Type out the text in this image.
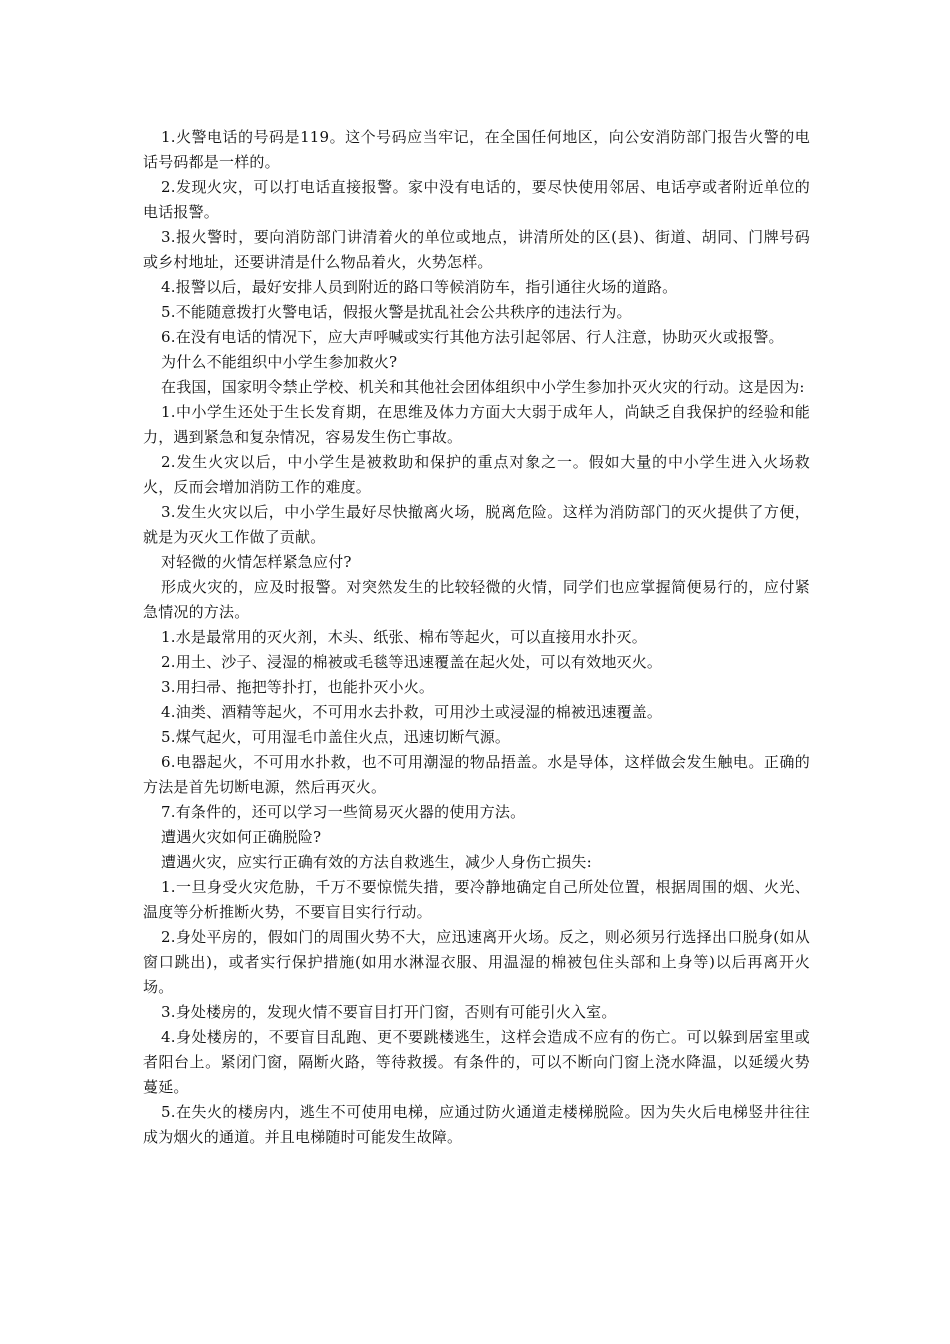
1.火警电话的号码是119。这个号码应当牢记，在全国任何地区，向公安消防部门报告火警的电话号码都是一样的。

2.发现火灾，可以打电话直接报警。家中没有电话的，要尽快使用邻居、电话亭或者附近单位的电话报警。

3.报火警时，要向消防部门讲清着火的单位或地点，讲清所处的区(县)、街道、胡同、门牌号码或乡村地址，还要讲清是什么物品着火，火势怎样。

4.报警以后，最好安排人员到附近的路口等候消防车，指引通往火场的道路。

5.不能随意拨打火警电话，假报火警是扰乱社会公共秩序的违法行为。

6.在没有电话的情况下，应大声呼喊或实行其他方法引起邻居、行人注意，协助灭火或报警。

为什么不能组织中小学生参加救火?

在我国，国家明令禁止学校、机关和其他社会团体组织中小学生参加扑灭火灾的行动。这是因为:

1.中小学生还处于生长发育期，在思维及体力方面大大弱于成年人，尚缺乏自我保护的经验和能力，遇到紧急和复杂情况，容易发生伤亡事故。

2.发生火灾以后，中小学生是被救助和保护的重点对象之一。假如大量的中小学生进入火场救火，反而会增加消防工作的难度。

3.发生火灾以后，中小学生最好尽快撤离火场，脱离危险。这样为消防部门的灭火提供了方便，就是为灭火工作做了贡献。

对轻微的火情怎样紧急应付?

形成火灾的，应及时报警。对突然发生的比较轻微的火情，同学们也应掌握简便易行的，应付紧急情况的方法。

1.水是最常用的灭火剂，木头、纸张、棉布等起火，可以直接用水扑灭。

2.用土、沙子、浸湿的棉被或毛毯等迅速覆盖在起火处，可以有效地灭火。

3.用扫帚、拖把等扑打，也能扑灭小火。

4.油类、酒精等起火，不可用水去扑救，可用沙土或浸湿的棉被迅速覆盖。

5.煤气起火，可用湿毛巾盖住火点，迅速切断气源。

6.电器起火，不可用水扑救，也不可用潮湿的物品捂盖。水是导体，这样做会发生触电。正确的方法是首先切断电源，然后再灭火。

7.有条件的，还可以学习一些简易灭火器的使用方法。

遭遇火灾如何正确脱险?

遭遇火灾，应实行正确有效的方法自救逃生，减少人身伤亡损失:

1.一旦身受火灾危胁，千万不要惊慌失措，要冷静地确定自己所处位置，根据周围的烟、火光、温度等分析推断火势，不要盲目实行行动。

2.身处平房的，假如门的周围火势不大，应迅速离开火场。反之，则必须另行选择出口脱身(如从窗口跳出)，或者实行保护措施(如用水淋湿衣服、用温湿的棉被包住头部和上身等)以后再离开火场。

3.身处楼房的，发现火情不要盲目打开门窗，否则有可能引火入室。

4.身处楼房的，不要盲目乱跑、更不要跳楼逃生，这样会造成不应有的伤亡。可以躲到居室里或者阳台上。紧闭门窗，隔断火路，等待救援。有条件的，可以不断向门窗上浇水降温，以延缓火势蔓延。

5.在失火的楼房内，逃生不可使用电梯，应通过防火通道走楼梯脱险。因为失火后电梯竖井往往成为烟火的通道。并且电梯随时可能发生故障。
